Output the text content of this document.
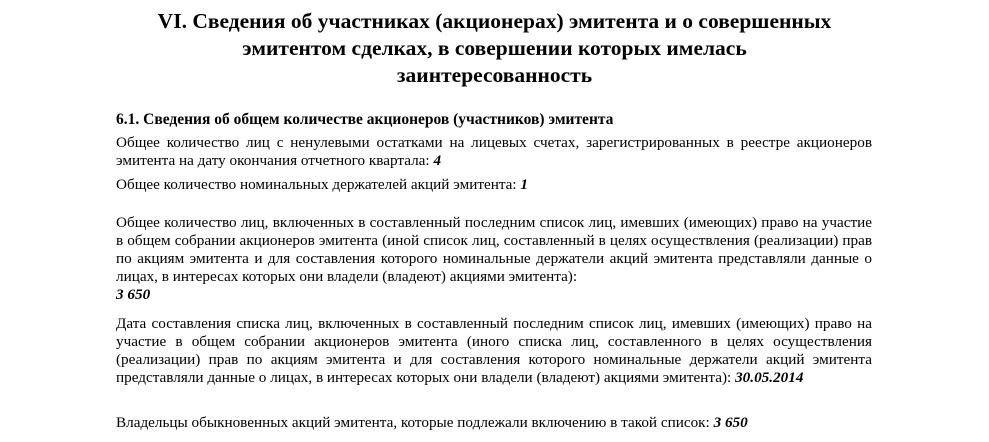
VI. Сведения об участниках (акционерах) эмитента и о совершенных
эмитентом сделках, в совершении которых имелась
заинтересованность
6.1. Сведения об общем количестве акционеров (участников) эмитента

Общее количество лиц с ненулевыми остатками на лицевых счетах, зарегистрированных в реестре акционеров эмитента на дату окончания отчетного квартала: 4

Общее количество номинальных держателей акций эмитента: 1

Общее количество лиц, включенных в составленный последним список лиц, имевших (имеющих) право на участие в общем собрании акционеров эмитента (иной список лиц, составленный в целях осуществления (реализации) прав по акциям эмитента и для составления которого номинальные держатели акций эмитента представляли данные о лицах, в интересах которых они владели (владеют) акциями эмитента):
3 650

Дата составления списка лиц, включенных в составленный последним список лиц, имевших (имеющих) право на участие в общем собрании акционеров эмитента (иного списка лиц, составленного в целях осуществления (реализации) прав по акциям эмитента и для составления которого номинальные держатели акций эмитента представляли данные о лицах, в интересах которых они владели (владеют) акциями эмитента): 30.05.2014

Владельцы обыкновенных акций эмитента, которые подлежали включению в такой список: 3 650
